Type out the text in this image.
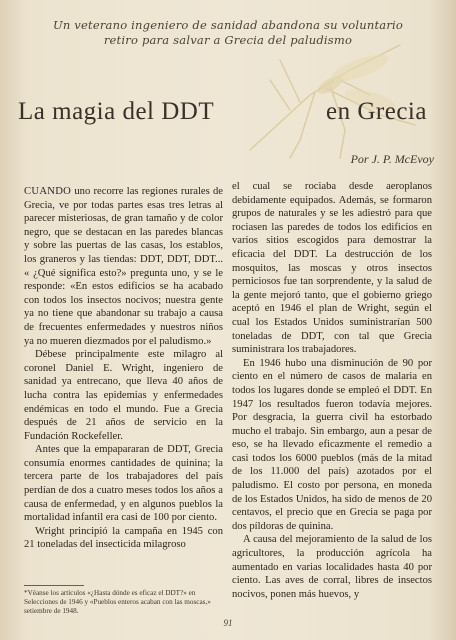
Un veterano ingeniero de sanidad abandona su voluntario
retiro para salvar a Grecia del paludismo
La magia del DDT	en Grecia
Por J. P. McEvoy

CUANDO uno recorre las regiones rurales de Grecia, ve por todas partes esas tres letras al parecer misteriosas, de gran tamaño y de color negro, que se destacan en las paredes blancas y sobre las puertas de las casas, los establos, los graneros y las tiendas: DDT, DDT, DDT... « ¿Qué significa esto?» pregunta uno, y se le responde: «En estos edificios se ha acabado con todos los insectos nocivos; nuestra gente ya no tiene que abandonar su trabajo a causa de frecuentes enfermedades y nuestros niños ya no mueren diezmados por el paludismo.»

Débese principalmente este milagro al coronel Daniel E. Wright, ingeniero de sanidad ya entrecano, que lleva 40 años de lucha contra las epidemias y enfermedades endémicas en todo el mundo. Fue a Grecia después de 21 años de servicio en la Fundación Rockefeller.

Antes que la empapararan de DDT, Grecia consumía enormes cantidades de quinina; la tercera parte de los trabajadores del país perdían de dos a cuatro meses todos los años a causa de enfermedad, y en algunos pueblos la mortalidad infantil era casi de 100 por ciento.

Wright principió la campaña en 1945 con 21 toneladas del insecticida milagroso

el cual se rociaba desde aeroplanos debidamente equipados. Además, se formaron grupos de naturales y se les adiestró para que rociasen las paredes de todos los edificios en varios sitios escogidos para demostrar la eficacia del DDT. La destrucción de los mosquitos, las moscas y otros insectos perniciosos fue tan sorprendente, y la salud de la gente mejoró tanto, que el gobierno griego aceptó en 1946 el plan de Wright, según el cual los Estados Unidos suministrarían 500 toneladas de DDT, con tal que Grecia suministrara los trabajadores.

En 1946 hubo una disminución de 90 por ciento en el número de casos de malaria en todos los lugares donde se empleó el DDT. En 1947 los resultados fueron todavía mejores. Por desgracia, la guerra civil ha estorbado mucho el trabajo. Sin embargo, aun a pesar de eso, se ha llevado eficazmente el remedio a casi todos los 6000 pueblos (más de la mitad de los 11.000 del país) azotados por el paludismo. El costo por persona, en moneda de los Estados Unidos, ha sido de menos de 20 centavos, el precio que en Grecia se paga por dos píldoras de quinina.

A causa del mejoramiento de la salud de los agricultores, la producción agrícola ha aumentado en varias localidades hasta 40 por ciento. Las aves de corral, libres de insectos nocivos, ponen más huevos, y

*Véanse los artículos «¿Hasta dónde es eficaz el DDT?» en Selecciones de 1946 y «Pueblos enteros acaban con las moscas,» setiembre de 1948.
91
